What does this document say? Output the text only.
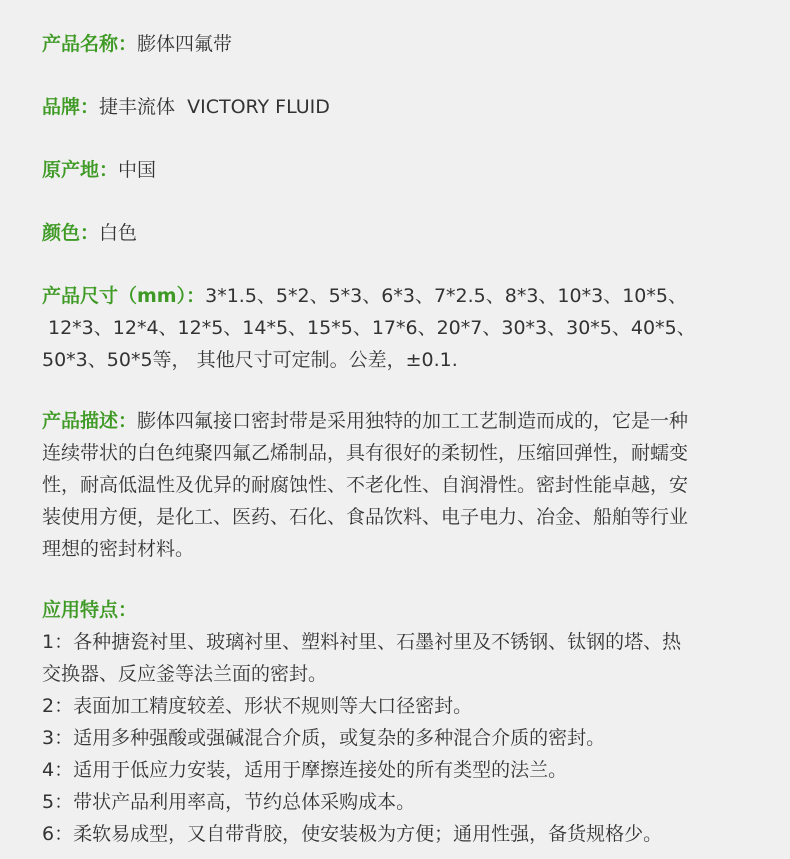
产品名称：膨体四氟带
品牌：捷丰流体  VICTORY FLUID
原产地：中国
颜色：白色
产品尺寸（mm）：3*1.5、5*2、5*3、6*3、7*2.5、8*3、10*3、10*5、
12*3、12*4、12*5、14*5、15*5、17*6、20*7、30*3、30*5、40*5、
50*3、50*5等， 其他尺寸可定制。公差，±0.1.
产品描述：膨体四氟接口密封带是采用独特的加工工艺制造而成的，它是一种
连续带状的白色纯聚四氟乙烯制品，具有很好的柔韧性，压缩回弹性，耐蠕变
性，耐高低温性及优异的耐腐蚀性、不老化性、自润滑性。密封性能卓越，安
装使用方便，是化工、医药、石化、食品饮料、电子电力、冶金、船舶等行业
理想的密封材料。
应用特点：
1：各种搪瓷衬里、玻璃衬里、塑料衬里、石墨衬里及不锈钢、钛钢的塔、热
交换器、反应釜等法兰面的密封。
2：表面加工精度较差、形状不规则等大口径密封。
3：适用多种强酸或强碱混合介质，或复杂的多种混合介质的密封。
4：适用于低应力安装，适用于摩擦连接处的所有类型的法兰。
5：带状产品利用率高，节约总体采购成本。
6：柔软易成型，又自带背胶，使安装极为方便；通用性强，备货规格少。
